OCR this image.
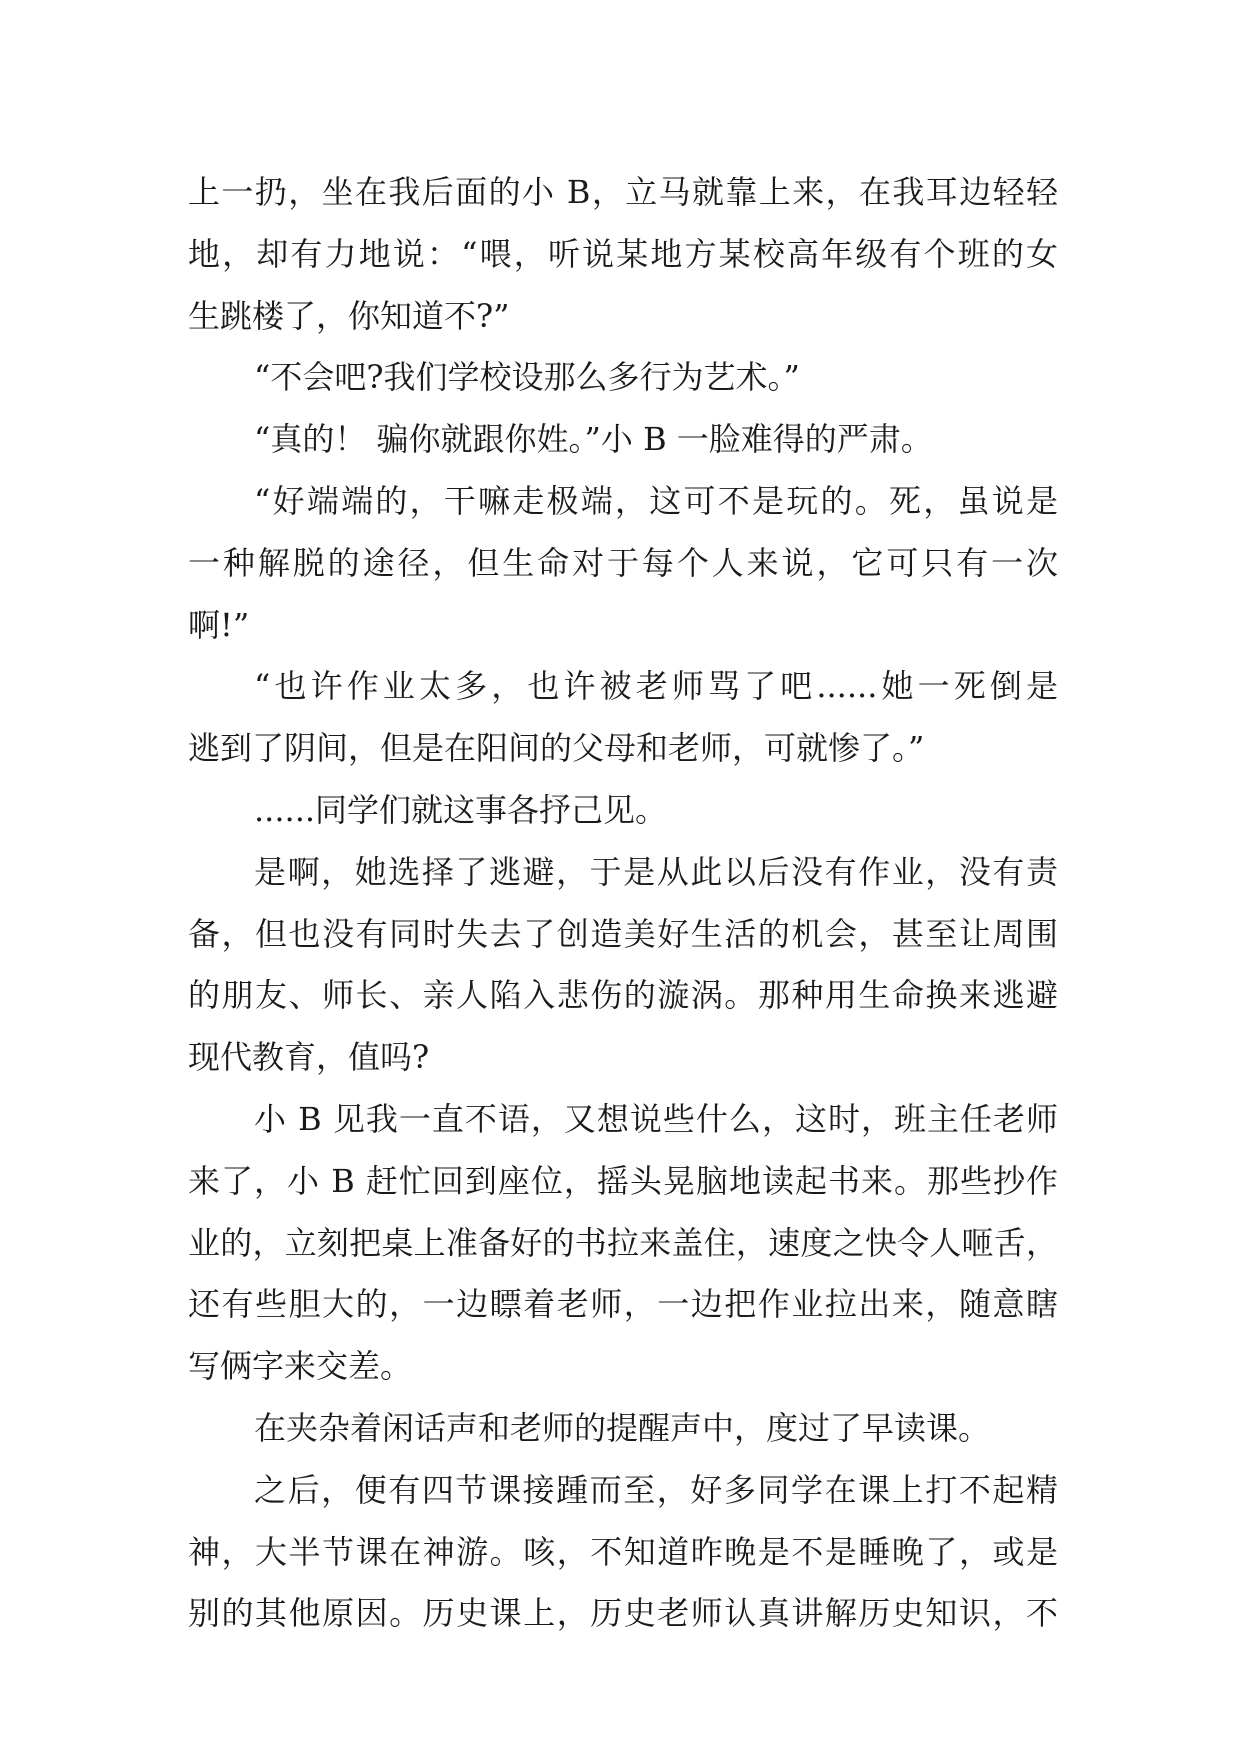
上一扔，坐在我后面的小 B，立马就靠上来，在我耳边轻轻
地，却有力地说：“喂，听说某地方某校高年级有个班的女
生跳楼了，你知道不?”
“不会吧?我们学校设那么多行为艺术。”
“真的！ 骗你就跟你姓。”小 B 一脸难得的严肃。
“好端端的，干嘛走极端，这可不是玩的。死，虽说是
一种解脱的途径，但生命对于每个人来说，它可只有一次
啊!”
“也许作业太多，也许被老师骂了吧......她一死倒是
逃到了阴间，但是在阳间的父母和老师，可就惨了。”
......同学们就这事各抒己见。
是啊，她选择了逃避，于是从此以后没有作业，没有责
备，但也没有同时失去了创造美好生活的机会，甚至让周围
的朋友、师长、亲人陷入悲伤的漩涡。那种用生命换来逃避
现代教育，值吗?
小 B 见我一直不语，又想说些什么，这时，班主任老师
来了，小 B 赶忙回到座位，摇头晃脑地读起书来。那些抄作
业的，立刻把桌上准备好的书拉来盖住，速度之快令人咂舌，
还有些胆大的，一边瞟着老师，一边把作业拉出来，随意瞎
写俩字来交差。
在夹杂着闲话声和老师的提醒声中，度过了早读课。
之后，便有四节课接踵而至，好多同学在课上打不起精
神，大半节课在神游。咳，不知道昨晚是不是睡晚了，或是
别的其他原因。历史课上，历史老师认真讲解历史知识，不
